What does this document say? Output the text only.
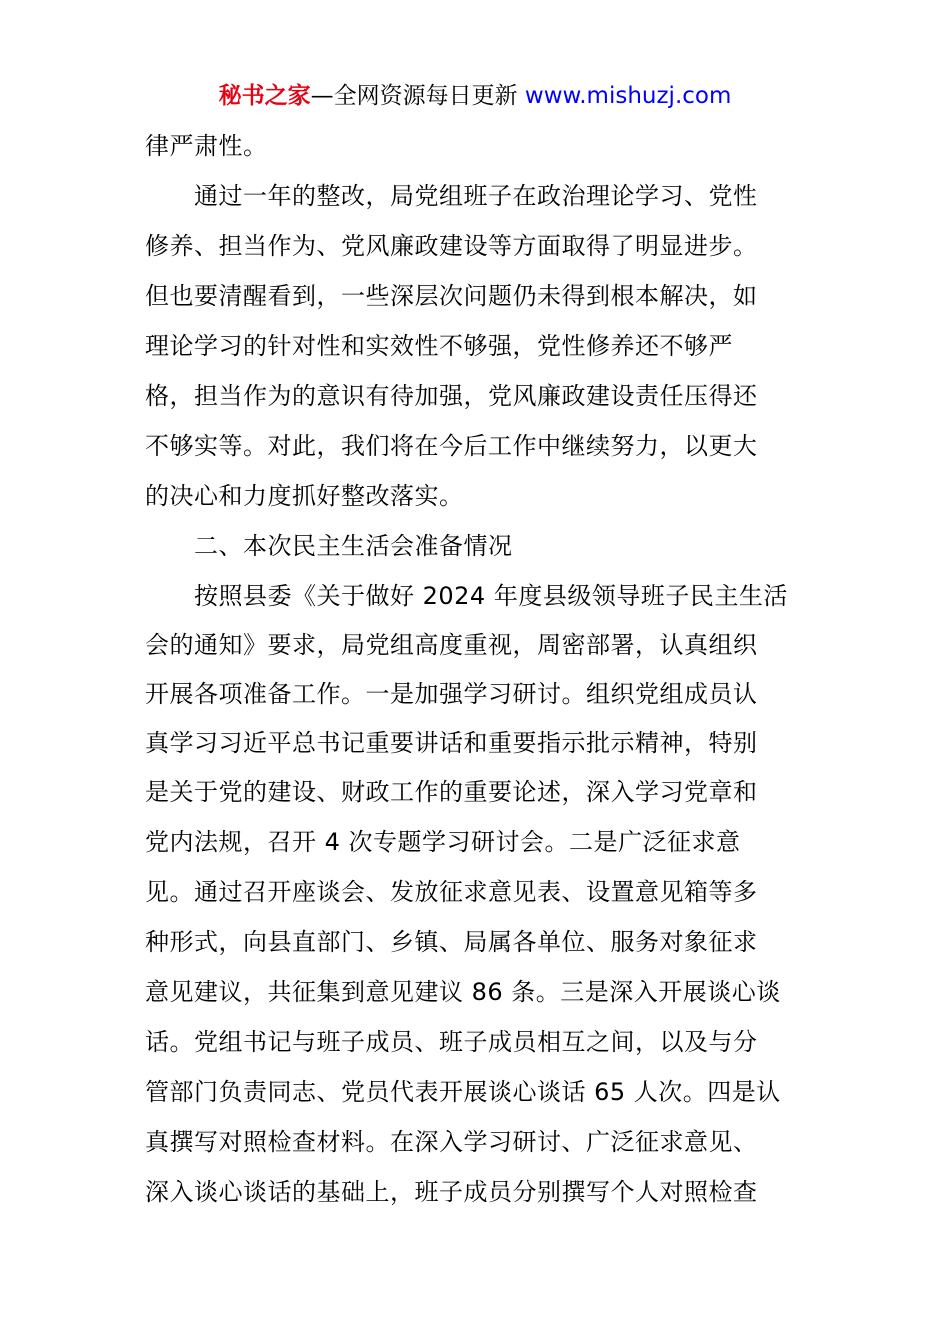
秘书之家—全网资源每日更新 www.mishuzj.com
律严肃性。
　　通过一年的整改，局党组班子在政治理论学习、党性
修养、担当作为、党风廉政建设等方面取得了明显进步。
但也要清醒看到，一些深层次问题仍未得到根本解决，如
理论学习的针对性和实效性不够强，党性修养还不够严
格，担当作为的意识有待加强，党风廉政建设责任压得还
不够实等。对此，我们将在今后工作中继续努力，以更大
的决心和力度抓好整改落实。
　　二、本次民主生活会准备情况
　　按照县委《关于做好 2024 年度县级领导班子民主生活
会的通知》要求，局党组高度重视，周密部署，认真组织
开展各项准备工作。一是加强学习研讨。组织党组成员认
真学习习近平总书记重要讲话和重要指示批示精神，特别
是关于党的建设、财政工作的重要论述，深入学习党章和
党内法规，召开 4 次专题学习研讨会。二是广泛征求意
见。通过召开座谈会、发放征求意见表、设置意见箱等多
种形式，向县直部门、乡镇、局属各单位、服务对象征求
意见建议，共征集到意见建议 86 条。三是深入开展谈心谈
话。党组书记与班子成员、班子成员相互之间，以及与分
管部门负责同志、党员代表开展谈心谈话 65 人次。四是认
真撰写对照检查材料。在深入学习研讨、广泛征求意见、
深入谈心谈话的基础上，班子成员分别撰写个人对照检查
